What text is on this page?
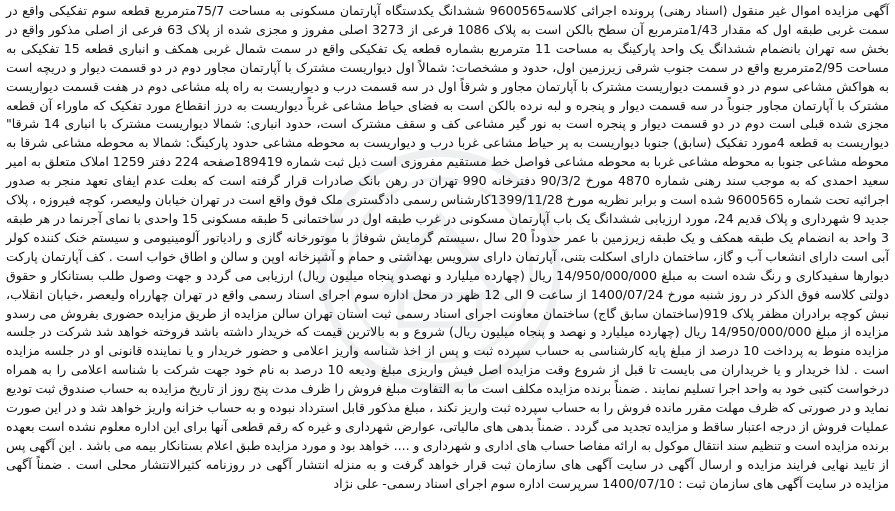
آگهی مزایده اموال غیر منقول (اسناد رهنی) پرونده اجرائی کلاسه9600565 ششدانگ یکدستگاه آپارتمان مسکونی به مساحت 75/7مترمربع قطعه سوم تفکیکی واقع در سمت غربی طبقه اول که مقدار 1/43مترمربع آن سطح بالکن است به پلاک 1086 فرعی از 3273 اصلی مفروز و مجزی شده از پلاک 63 فرعی از اصلی مذکور واقع در بخش سه تهران بانضمام ششدانگ یک واحد پارکینگ به مساحت 11 مترمربع بشماره قطعه یک تفکیکی واقع در سمت شمال غربی همکف و انباری قطعه 15 تفکیکی به مساحت 2/95مترمربع واقع در سمت جنوب شرقی زیرزمین اول، حدود و مشخصات: شمالاً اول دیواریست مشترک با آپارتمان مجاور دوم در دو قسمت دیوار و دریچه است به هواکش مشاعی سوم در دو قسمت دیواریست مشترک با آپارتمان مجاور و شرقاً اول در سه قسمت درب و دیواریست به راه پله مشاعی دوم در هفت قسمت دیواریست مشترک با آپارتمان مجاور جنوباً در سه قسمت دیوار و پنجره و لبه نرده بالکن است به فضای حیاط مشاعی غرباً دیواریست به درز انقطاع مورد تفکیک که ماوراء آن قطعه مجزی شده قبلی است دوم در دو قسمت دیوار و پنجره است به نور گیر مشاعی کف و سقف مشترک است، حدود انباری: شمالا دیواریست مشترک با انباری 14 شرقا" دیواریست به قطعه 4مورد تفکیک (سابق) جنوبا دیواریست به پر حیاط مشاعی غربا درب و دیواریست به محوطه مشاعی حدود پارکینگ: شمالا به محوطه مشاعی شرقا به محوطه مشاعی جنوبا به محوطه مشاعی غربا به محوطه مشاعی فواصل خط مستقیم مفروزی است ذیل ثبت شماره 189419صفحه 224 دفتر 1259 املاک متعلق به امیر سعید احمدی که به موجب سند رهنی شماره 4870 مورخ 90/3/2 دفترخانه 990 تهران در رهن بانک صادرات قرار گرفته است که بعلت عدم ایفای تعهد منجر به صدور اجرائیه تحت شماره 9600565 شده است و برابر نظریه مورخ 1399/11/28کارشناس رسمی دادگستری ملک فوق واقع است در تهران خیابان ولیعصر، کوچه فیروزه ، پلاک جدید 9 شهرداری و پلاک قدیم 24، مورد ارزیابی ششدانگ یک باب آپارتمان مسکونی در غرب طبقه اول در ساختمانی 5 طبقه مسکونی 15 واحدی با نمای آجرنما در هر طبقه 3 واحد به انضمام یک طبقه همکف و یک طبقه زیرزمین با عمر حدوداً 20 سال ،سیستم گرمایش شوفاژ با موتورخانه گازی و رادیاتور آلومینیومی و سیستم خنک کننده کولر آبی است دارای انشعاب آب و گاز، ساختمان دارای اسکلت بتنی، آپارتمان دارای سرویس بهداشتی و حمام و آشپزخانه اوپن و سالن و اطاق خواب است . کف آپارتمان پارکت دیوارها سفیدکاری و رنگ شده است به مبلغ 14/950/000/000 ریال (چهارده میلیارد و نهصدو پنجاه میلیون ریال) ارزیابی می گردد و جهت وصول طلب بستانکار و حقوق دولتی کلاسه فوق الذکر در روز شنبه مورخ 1400/07/24 از ساعت 9 الی 12 ظهر در محل اداره سوم اجرای اسناد رسمی واقع در تهران چهارراه ولیعصر ،خیابان انقلاب، نبش کوچه برادران مظفر پلاک 919(ساختمان سابق گاج) ساختمان معاونت اجرای اسناد رسمی ثبت استان تهران سالن مزایده از طریق مزایده حضوری بفروش می رسدو مزایده از مبلغ 14/950/000/000 ریال (چهارده میلیارد و نهصد و پنجاه میلیون ریال) شروع و به بالاترین قیمت که خریدار داشته باشد فروخته خواهد شد شرکت در جلسه مزایده منوط به پرداخت 10 درصد از مبلغ پایه کارشناسی به حساب سپرده ثبت و پس از اخذ شناسه واریز اعلامی و حضور خریدار و یا نماینده قانونی او در جلسه مزایده است . لذا خریدار و یا خریداران می بایست تا قبل از شروع وقت مزایده اصل فیش واریزی مبلغ ودیعه 10 درصد به نام خود جهت شرکت با شناسه اعلامی را به همراه درخواست کتبی خود به واحد اجرا تسلیم نمایند . ضمناً برنده مزایده مکلف است ما به التفاوت مبلغ فروش را ظرف مدت پنج روز از تاریخ مزایده به حساب صندوق ثبت تودیع نماید و در صورتی که ظرف مهلت مقرر مانده فروش را به حساب سپرده ثبت واریز نکند ، مبلغ مذکور قابل استرداد نبوده و به حساب خزانه واریز خواهد شد و در این صورت عملیات فروش از درجه اعتبار ساقط و مزایده تجدید می گردد . ضمناً بدهی های مالیاتی، عوارض شهرداری و غیره که رقم قطعی آنها برای این اداره معلوم نشده است بعهده برنده مزایده است و تنظیم سند انتقال موکول به ارائه مفاصا حساب های اداری و شهرداری و .... خواهد بود و مورد مزایده طبق اعلام بستانکار بیمه می باشد . این آگهی پس از تایید نهایی فرایند مزایده و ارسال آگهی در سایت آگهی های سازمان ثبت قرار خواهد گرفت و به منزله انتشار آگهی در روزنامه کثیرالانتشار محلی است . ضمناً آگهی مزایده در سایت آگهی های سازمان ثبت : 1400/07/10 سرپرست اداره سوم اجرای اسناد رسمی- علی نژاد
